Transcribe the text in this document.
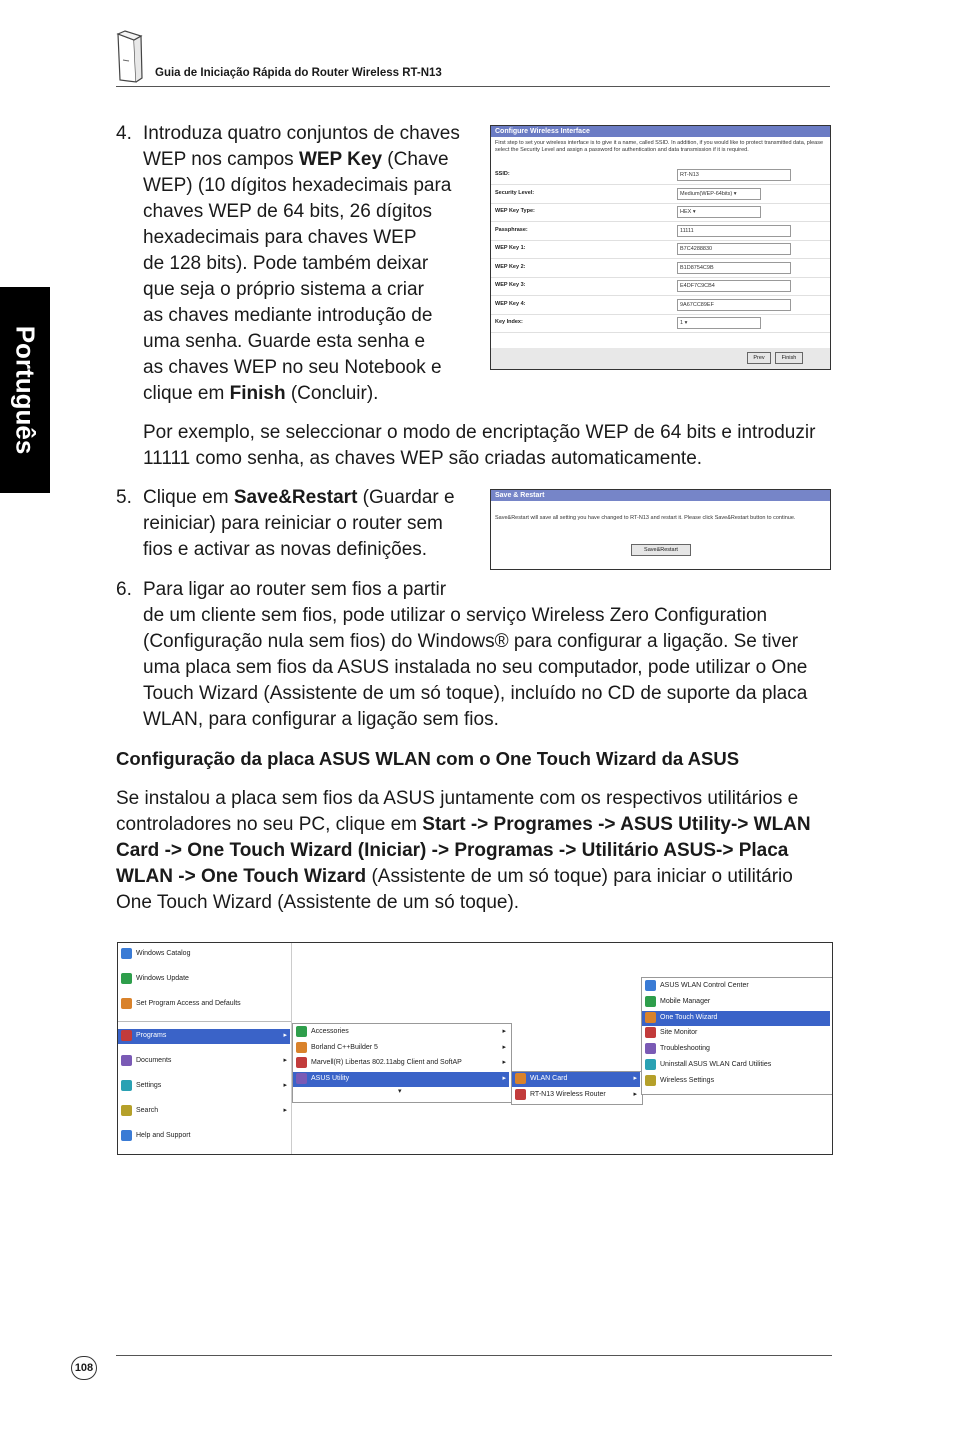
Guia de Iniciação Rápida do Router Wireless RT-N13
Português
4. Introduza quatro conjuntos de chaves
WEP nos campos WEP Key (Chave
WEP) (10 dígitos hexadecimais para
chaves WEP de 64 bits, 26 dígitos
hexadecimais para chaves WEP
de 128 bits). Pode também deixar
que seja o próprio sistema a criar
as chaves mediante introdução de
uma senha. Guarde esta senha e
as chaves WEP no seu Notebook e
clique em Finish (Concluir).
Configure Wireless Interface
First step to set your wireless interface is to give it a name, called SSID. In addition, if you would like to protect transmitted data, please select the Security Level and assign a password for authentication and data transmission if it is required.
SSID:	RT-N13
Security Level:	Medium(WEP-64bits) ▾
WEP Key Type:	HEX ▾
Passphrase:	11111
WEP Key 1:	B7C4288830
WEP Key 2:	B1D8754C9B
WEP Key 3:	E4DF7C9CB4
WEP Key 4:	9A67CC89EF
Key Index:	1 ▾
Prev	Finish
Por exemplo, se seleccionar o modo de encriptação WEP de 64 bits e introduzir
11111 como senha, as chaves WEP são criadas automaticamente.
5. Clique em Save&Restart (Guardar e
reiniciar) para reiniciar o router sem
fios e activar as novas definições.
Save & Restart
Save&Restart will save all setting you have changed to RT-N13 and restart it. Please click Save&Restart button to continue.
Save&Restart
6. Para ligar ao router sem fios a partir
de um cliente sem fios, pode utilizar o serviço Wireless Zero Configuration
(Configuração nula sem fios) do Windows® para configurar a ligação. Se tiver
uma placa sem fios da ASUS instalada no seu computador, pode utilizar o One
Touch Wizard (Assistente de um só toque), incluído no CD de suporte da placa
WLAN, para configurar a ligação sem fios.
Configuração da placa ASUS WLAN com o One Touch Wizard da ASUS
Se instalou a placa sem fios da ASUS juntamente com os respectivos utilitários e
controladores no seu PC, clique em Start -> Programes -> ASUS Utility-> WLAN
Card -> One Touch Wizard (Iniciar) -> Programas -> Utilitário ASUS-> Placa
WLAN -> One Touch Wizard (Assistente de um só toque) para iniciar o utilitário
One Touch Wizard (Assistente de um só toque).
Windows Catalog
Windows Update
Set Program Access and Defaults
Programs	▸
Documents	▸
Settings	▸
Search	▸
Help and Support
Accessories	▸
Borland C++Builder 5	▸
Marvell(R) Libertas 802.11abg Client and SoftAP	▸
ASUS Utility	▸
▾
WLAN Card	▸
RT-N13 Wireless Router	▸
ASUS WLAN Control Center
Mobile Manager
One Touch Wizard
Site Monitor
Troubleshooting
Uninstall ASUS WLAN Card Utilities
Wireless Settings
108
